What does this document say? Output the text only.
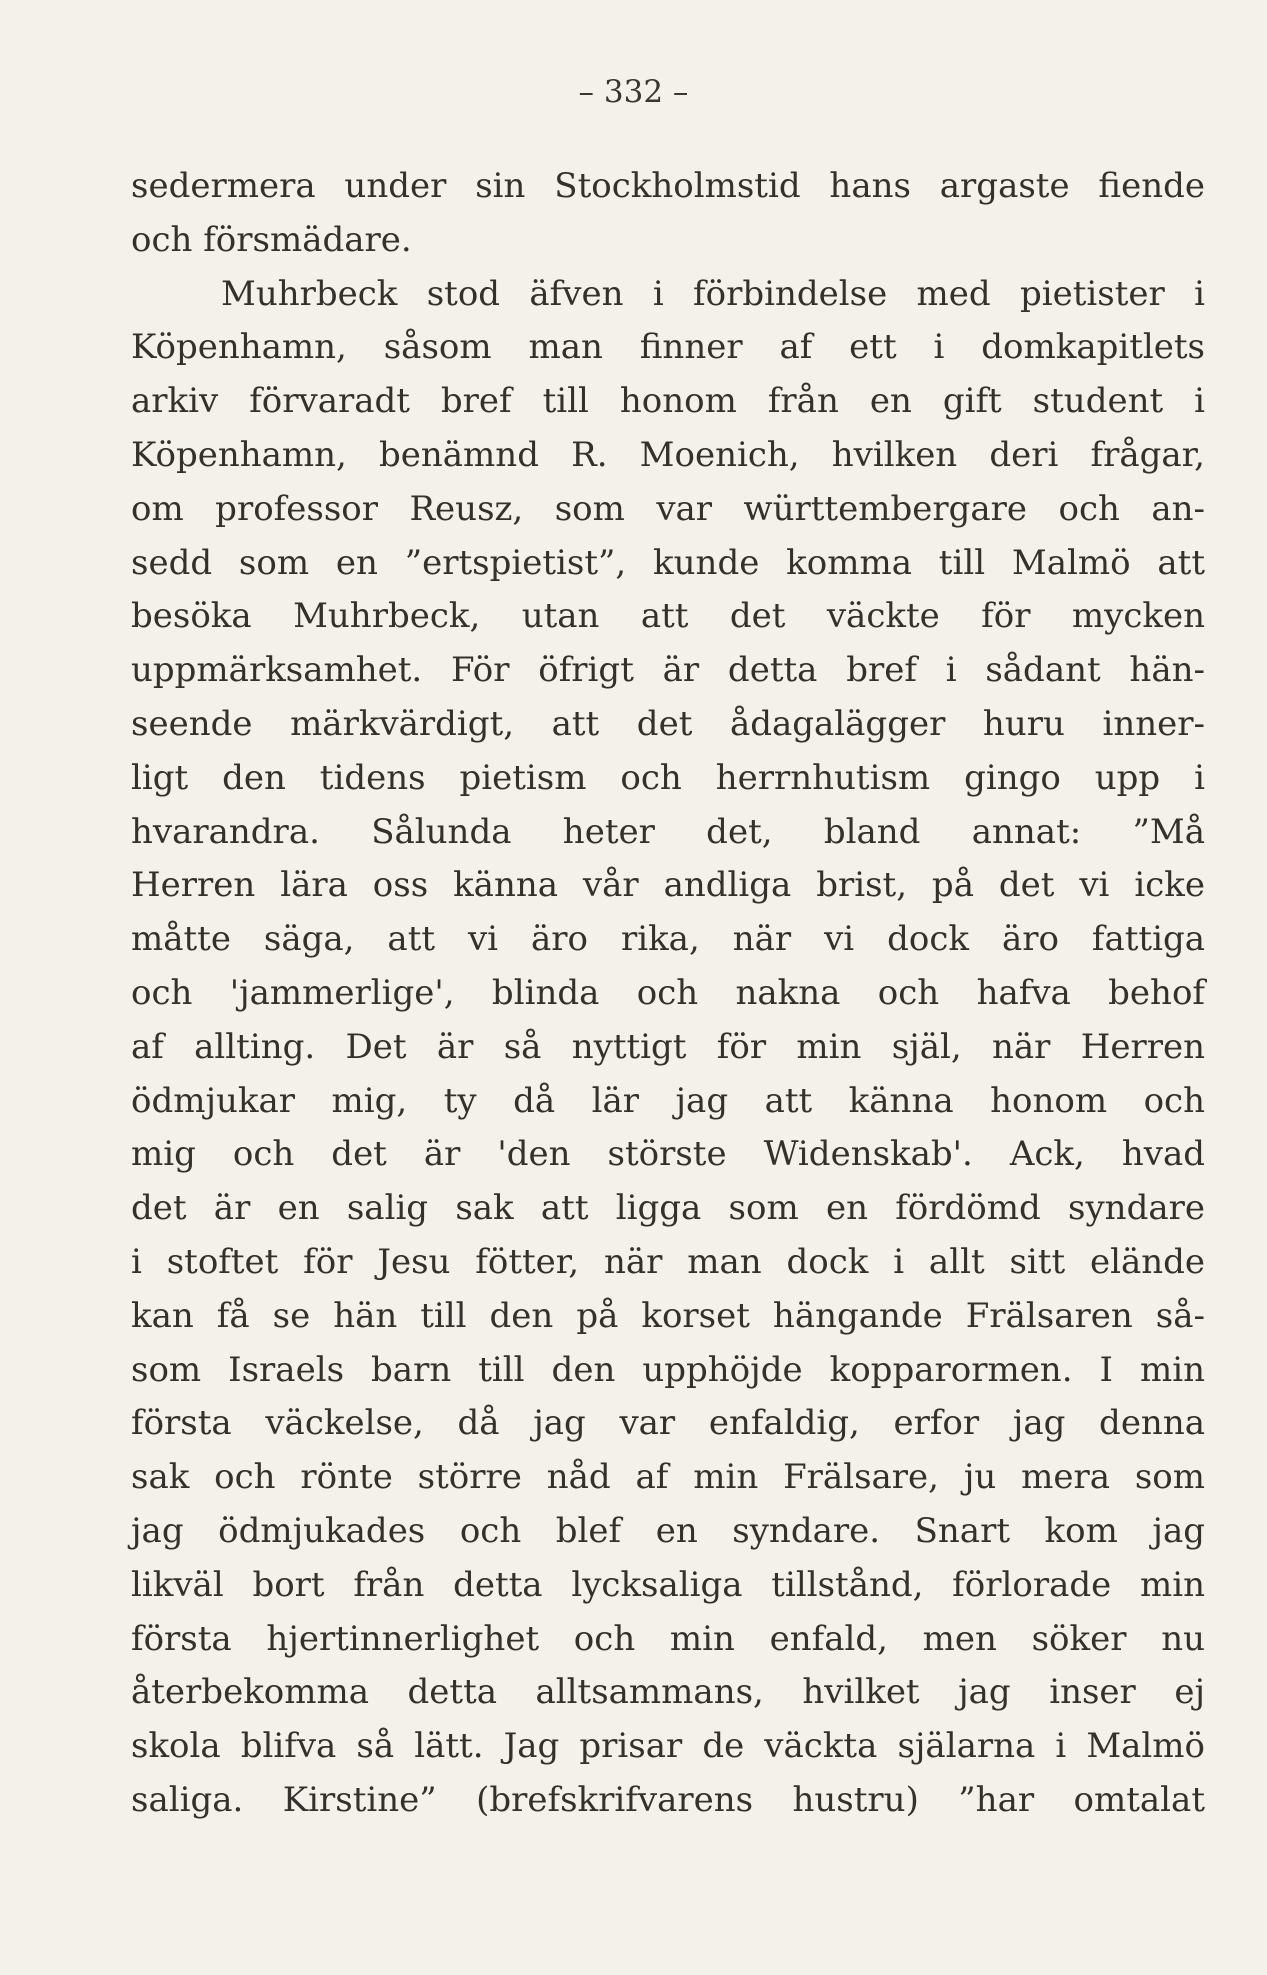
– 332 –
sedermera under sin Stockholmstid hans argaste fiende
och försmädare.
Muhrbeck stod äfven i förbindelse med pietister i
Köpenhamn, såsom man finner af ett i domkapitlets
arkiv förvaradt bref till honom från en gift student i
Köpenhamn, benämnd R. Moenich, hvilken deri frågar,
om professor Reusz, som var württembergare och an-
sedd som en ”ertspietist”, kunde komma till Malmö att
besöka Muhrbeck, utan att det väckte för mycken
uppmärksamhet. För öfrigt är detta bref i sådant hän-
seende märkvärdigt, att det ådagalägger huru inner-
ligt den tidens pietism och herrnhutism gingo upp i
hvarandra. Sålunda heter det, bland annat: ”Må
Herren lära oss känna vår andliga brist, på det vi icke
måtte säga, att vi äro rika, när vi dock äro fattiga
och 'jammerlige', blinda och nakna och hafva behof
af allting. Det är så nyttigt för min själ, när Herren
ödmjukar mig, ty då lär jag att känna honom och
mig och det är 'den störste Widenskab'. Ack, hvad
det är en salig sak att ligga som en fördömd syndare
i stoftet för Jesu fötter, när man dock i allt sitt elände
kan få se hän till den på korset hängande Frälsaren så-
som Israels barn till den upphöjde kopparormen. I min
första väckelse, då jag var enfaldig, erfor jag denna
sak och rönte större nåd af min Frälsare, ju mera som
jag ödmjukades och blef en syndare. Snart kom jag
likväl bort från detta lycksaliga tillstånd, förlorade min
första hjertinnerlighet och min enfald, men söker nu
återbekomma detta alltsammans, hvilket jag inser ej
skola blifva så lätt. Jag prisar de väckta själarna i Malmö
saliga. Kirstine” (brefskrifvarens hustru) ”har omtalat
